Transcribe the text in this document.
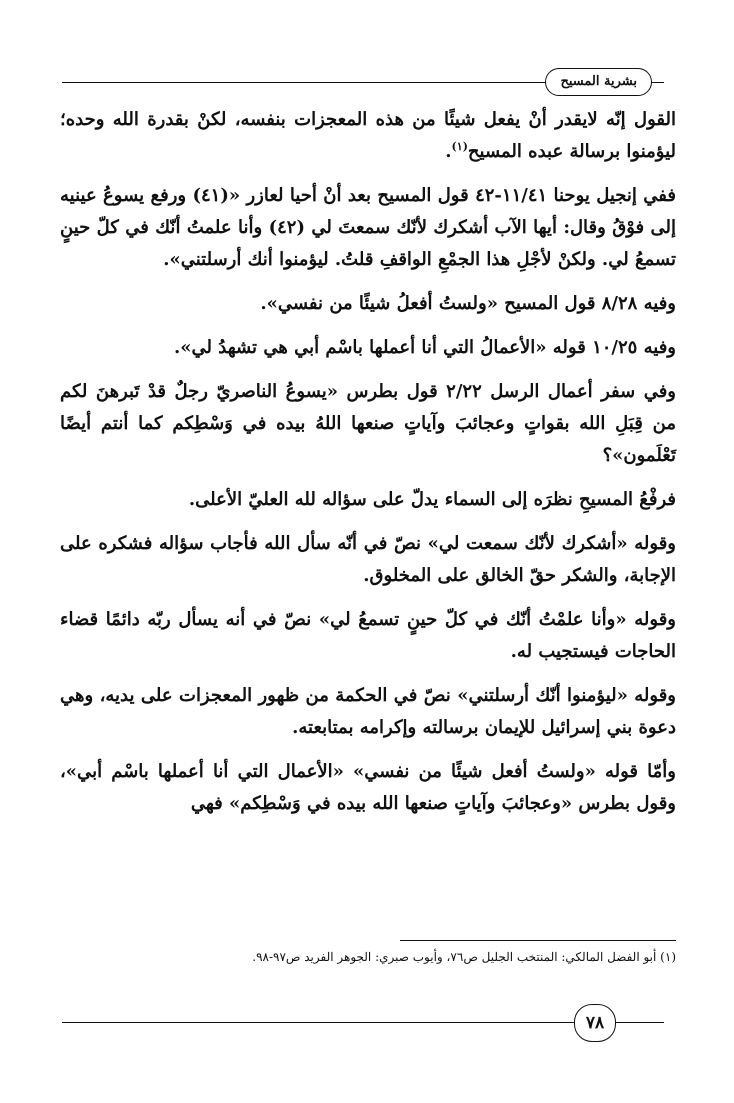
بشرية المسيح

القول إنّه لايقدر أنْ يفعل شيئًا من هذه المعجزات بنفسه، لكنْ بقدرة الله وحده؛ ليؤمنوا برسالة عبده المسيح$^{(١)}$.

ففي إنجيل يوحنا ١١/٤١-٤٢ قول المسيح بعد أنْ أحيا لعازر «(٤١) ورفع يسوعُ عينيه إلى فوْقُ وقال: أيها الآب أشكرك لأنّك سمعتَ لي (٤٢) وأنا علمتُ أنّك في كلّ حينٍ تسمعُ لي. ولكنْ لأجْلِ هذا الجمْعِ الواقفِ قلتُ. ليؤمنوا أنك أرسلتني».

وفيه ٨/٢٨ قول المسيح «ولستُ أفعلُ شيئًا من نفسي».

وفيه ١٠/٢٥ قوله «الأعمالُ التي أنا أعملها باسْم أبي هي تشهدُ لي».

وفي سفر أعمال الرسل ٢/٢٢ قول بطرس «يسوعُ الناصريّ رجلٌ قدْ تَبرهنَ لكم من قِبَلِ الله بقواتٍ وعجائبَ وآياتٍ صنعها اللهُ بيده في وَسْطِكم كما أنتم أيضًا تَعْلَمون»؟

فرفْعُ المسيحِ نظرَه إلى السماء يدلّ على سؤاله لله العليّ الأعلى.

وقوله «أشكرك لأنّك سمعت لي» نصّ في أنّه سأل الله فأجاب سؤاله فشكره على الإجابة، والشكر حقّ الخالق على المخلوق.

وقوله «وأنا علمْتُ أنّك في كلّ حينٍ تسمعُ لي» نصّ في أنه يسأل ربّه دائمًا قضاء الحاجات فيستجيب له.

وقوله «ليؤمنوا أنّك أرسلتني» نصّ في الحكمة من ظهور المعجزات على يديه، وهي دعوة بني إسرائيل للإيمان برسالته وإكرامه بمتابعته.

وأمّا قوله «ولستُ أفعل شيئًا من نفسي» «الأعمال التي أنا أعملها باسْم أبي»، وقول بطرس «وعجائبَ وآياتٍ صنعها الله بيده في وَسْطِكم» فهي

(١) أبو الفضل المالكي: المنتخب الجليل ص٧٦، وأيوب صبري: الجوهر الفريد ص٩٧-٩٨.
٧٨
